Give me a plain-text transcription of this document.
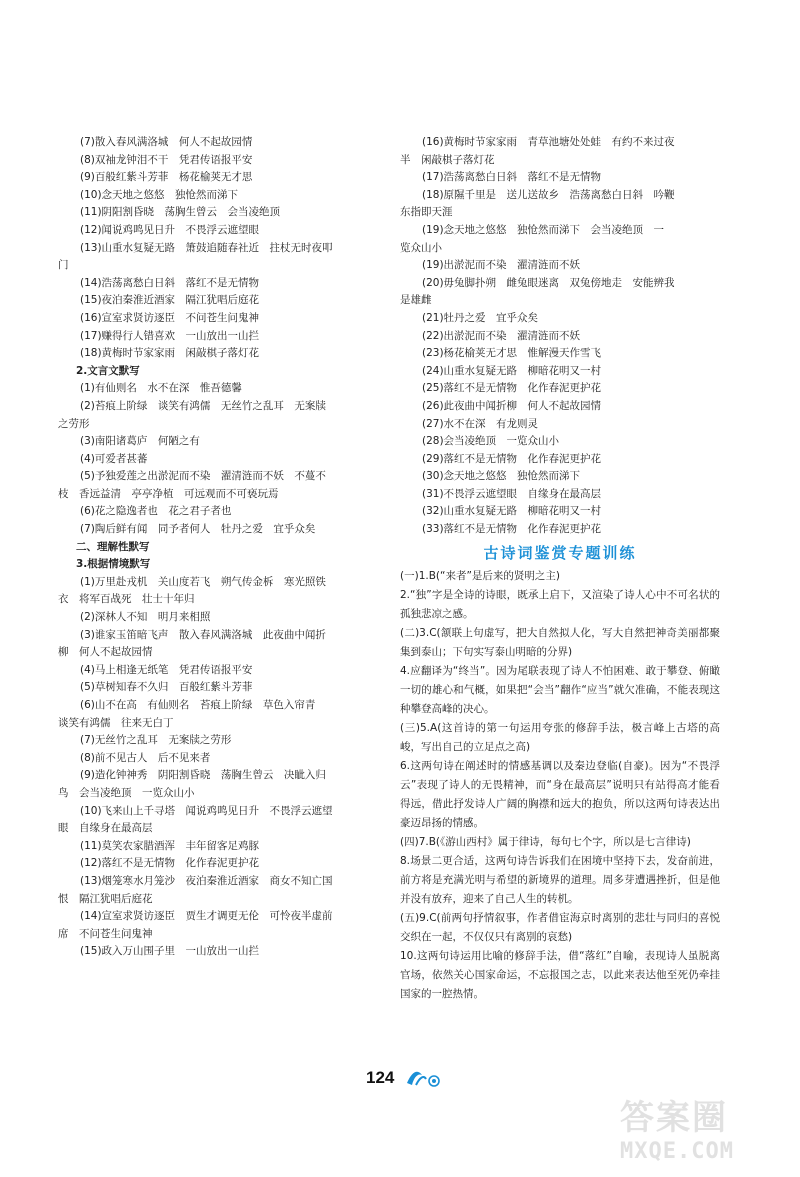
(7)散入春风满洛城　何人不起故园情
(8)双袖龙钟泪不干　凭君传语报平安
(9)百般红紫斗芳菲　杨花榆荚无才思
(10)念天地之悠悠　独怆然而涕下
(11)阴阳割昏晓　荡胸生曾云　会当凌绝顶
(12)闻说鸡鸣见日升　不畏浮云遮望眼
(13)山重水复疑无路　箫鼓追随春社近　拄杖无时夜叩
门
(14)浩荡离愁白日斜　落红不是无情物
(15)夜泊秦淮近酒家　隔江犹唱后庭花
(16)宣室求贤访逐臣　不问苍生问鬼神
(17)赚得行人错喜欢　一山放出一山拦
(18)黄梅时节家家雨　闲敲棋子落灯花
2.文言文默写
(1)有仙则名　水不在深　惟吾德馨
(2)苔痕上阶绿　谈笑有鸿儒　无丝竹之乱耳　无案牍
之劳形
(3)南阳诸葛庐　何陋之有
(4)可爱者甚蕃
(5)予独爱莲之出淤泥而不染　濯清涟而不妖　不蔓不
枝　香远益清　亭亭净植　可远观而不可亵玩焉
(6)花之隐逸者也　花之君子者也
(7)陶后鲜有闻　同予者何人　牡丹之爱　宜乎众矣
二、理解性默写
3.根据情境默写
(1)万里赴戎机　关山度若飞　朔气传金柝　寒光照铁
衣　将军百战死　壮士十年归
(2)深林人不知　明月来相照
(3)谁家玉笛暗飞声　散入春风满洛城　此夜曲中闻折
柳　何人不起故园情
(4)马上相逢无纸笔　凭君传语报平安
(5)草树知春不久归　百般红紫斗芳菲
(6)山不在高　有仙则名　苔痕上阶绿　草色入帘青
谈笑有鸿儒　往来无白丁
(7)无丝竹之乱耳　无案牍之劳形
(8)前不见古人　后不见来者
(9)造化钟神秀　阴阳割昏晓　荡胸生曾云　决眦入归
鸟　会当凌绝顶　一览众山小
(10)飞来山上千寻塔　闻说鸡鸣见日升　不畏浮云遮望
眼　自缘身在最高层
(11)莫笑农家腊酒浑　丰年留客足鸡豚
(12)落红不是无情物　化作春泥更护花
(13)烟笼寒水月笼沙　夜泊秦淮近酒家　商女不知亡国
恨　隔江犹唱后庭花
(14)宣室求贤访逐臣　贾生才调更无伦　可怜夜半虚前
席　不问苍生问鬼神
(15)政入万山围子里　一山放出一山拦
(16)黄梅时节家家雨　青草池塘处处蛙　有约不来过夜
半　闲敲棋子落灯花
(17)浩荡离愁白日斜　落红不是无情物
(18)原隰千里是　送儿送故乡　浩荡离愁白日斜　吟鞭
东指即天涯
(19)念天地之悠悠　独怆然而涕下　会当凌绝顶　一
览众山小
(19)出淤泥而不染　濯清涟而不妖
(20)毋兔脚扑朔　雌兔眼迷离　双兔傍地走　安能辨我
是雄雌
(21)牡丹之爱　宜乎众矣
(22)出淤泥而不染　濯清涟而不妖
(23)杨花榆荚无才思　惟解漫天作雪飞
(24)山重水复疑无路　柳暗花明又一村
(25)落红不是无情物　化作春泥更护花
(26)此夜曲中闻折柳　何人不起故园情
(27)水不在深　有龙则灵
(28)会当凌绝顶　一览众山小
(29)落红不是无情物　化作春泥更护花
(30)念天地之悠悠　独怆然而涕下
(31)不畏浮云遮望眼　自缘身在最高层
(32)山重水复疑无路　柳暗花明又一村
(33)落红不是无情物　化作春泥更护花
古诗词鉴赏专题训练
(一)1.B(“来者”是后来的贤明之主)
2.“独”字是全诗的诗眼，既承上启下，又渲染了诗人心中不可名状的孤独悲凉之感。
(二)3.C(颔联上句虚写，把大自然拟人化，写大自然把神奇美丽都聚集到泰山；下句实写泰山明暗的分界)
4.应翻译为“终当”。因为尾联表现了诗人不怕困难、敢于攀登、俯瞰一切的雄心和气概，如果把“会当”翻作“应当”就欠准确，不能表现这种攀登高峰的决心。
(三)5.A(这首诗的第一句运用夸张的修辞手法，极言峰上古塔的高峻，写出自己的立足点之高)
6.这两句诗在阐述时的情感基调以及秦边登临(自豪)。因为“不畏浮云”表现了诗人的无畏精神，而“身在最高层”说明只有站得高才能看得远，借此抒发诗人广阔的胸襟和远大的抱负，所以这两句诗表达出豪迈昂扬的情感。
(四)7.B(《游山西村》属于律诗，每句七个字，所以是七言律诗)
8.场景二更合适，这两句诗告诉我们在困境中坚持下去，发奋前进，前方将是充满光明与希望的新境界的道理。周多芽遭遇挫折，但是他并没有放弃，迎来了自己人生的转机。
(五)9.C(前两句抒情叙事，作者借宦海京时离别的悲壮与同归的喜悦交织在一起，不仅仅只有离别的哀愁)
10.这两句诗运用比喻的修辞手法，借“落红”自喻，表现诗人虽脱离官场，依然关心国家命运，不忘报国之志，以此来表达他至死仍牵挂国家的一腔热情。
124
答案圈
MXQE.COM
